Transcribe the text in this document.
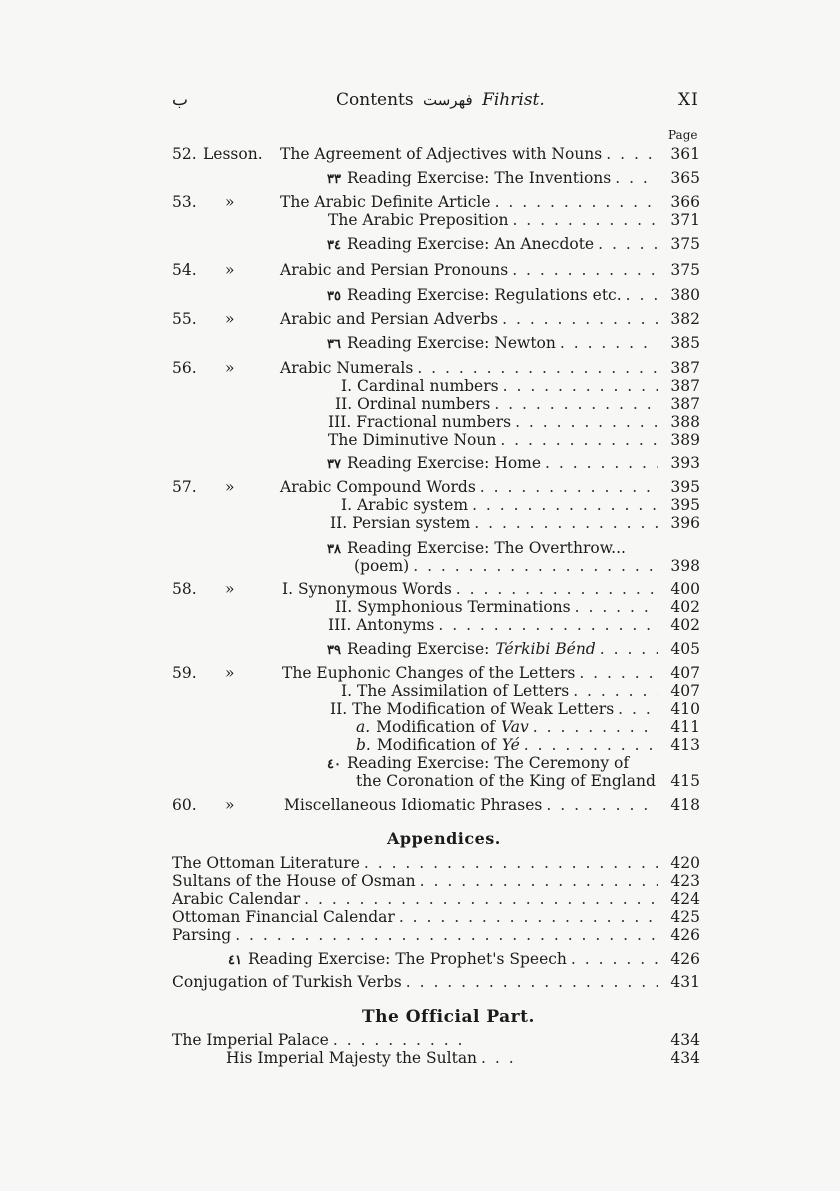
ب	Contents فهرست Fihrist.	XI
Page
52. Lesson. The Agreement of Adjectives with Nouns . . .	361
٣٣ Reading Exercise: The Inventions . . .	365
53. »	The Arabic Definite Article . . .	366
The Arabic Preposition . . .	371
٣٤ Reading Exercise: An Anecdote . . .	375
54. »	Arabic and Persian Pronouns . . .	375
٣٥ Reading Exercise: Regulations etc. . . .	380
55. »	Arabic and Persian Adverbs . . .	382
٣٦ Reading Exercise: Newton . . .	385
56. »	Arabic Numerals . . .	387
I. Cardinal numbers . . .	387
II. Ordinal numbers . . .	387
III. Fractional numbers . . .	388
The Diminutive Noun . . .	389
٣٧ Reading Exercise: Home . . .	393
57. »	Arabic Compound Words . . .	395
I. Arabic system . . .	395
II. Persian system . . .	396
٣٨ Reading Exercise: The Overthrow...
(poem) . . .	398
58. »	I. Synonymous Words . . .	400
II. Symphonious Terminations . . .	402
III. Antonyms . . .	402
٣٩ Reading Exercise: Térkibi Bénd . . .	405
59. »	The Euphonic Changes of the Letters . . .	407
I. The Assimilation of Letters . . .	407
II. The Modification of Weak Letters . . .	410
a. Modification of Vav . . .	411
b. Modification of Yé . . .	413
٤٠ Reading Exercise: The Ceremony of
the Coronation of the King of England 415
60. »	Miscellaneous Idiomatic Phrases . . .	418
Appendices.
The Ottoman Literature . . .	420
Sultans of the House of Osman . . .	423
Arabic Calendar . . .	424
Ottoman Financial Calendar . . .	425
Parsing . . .	426
٤١ Reading Exercise: The Prophet's Speech . . .	426
Conjugation of Turkish Verbs . . .	431
The Official Part.
The Imperial Palace . . .	434
His Imperial Majesty the Sultan . . .	434
